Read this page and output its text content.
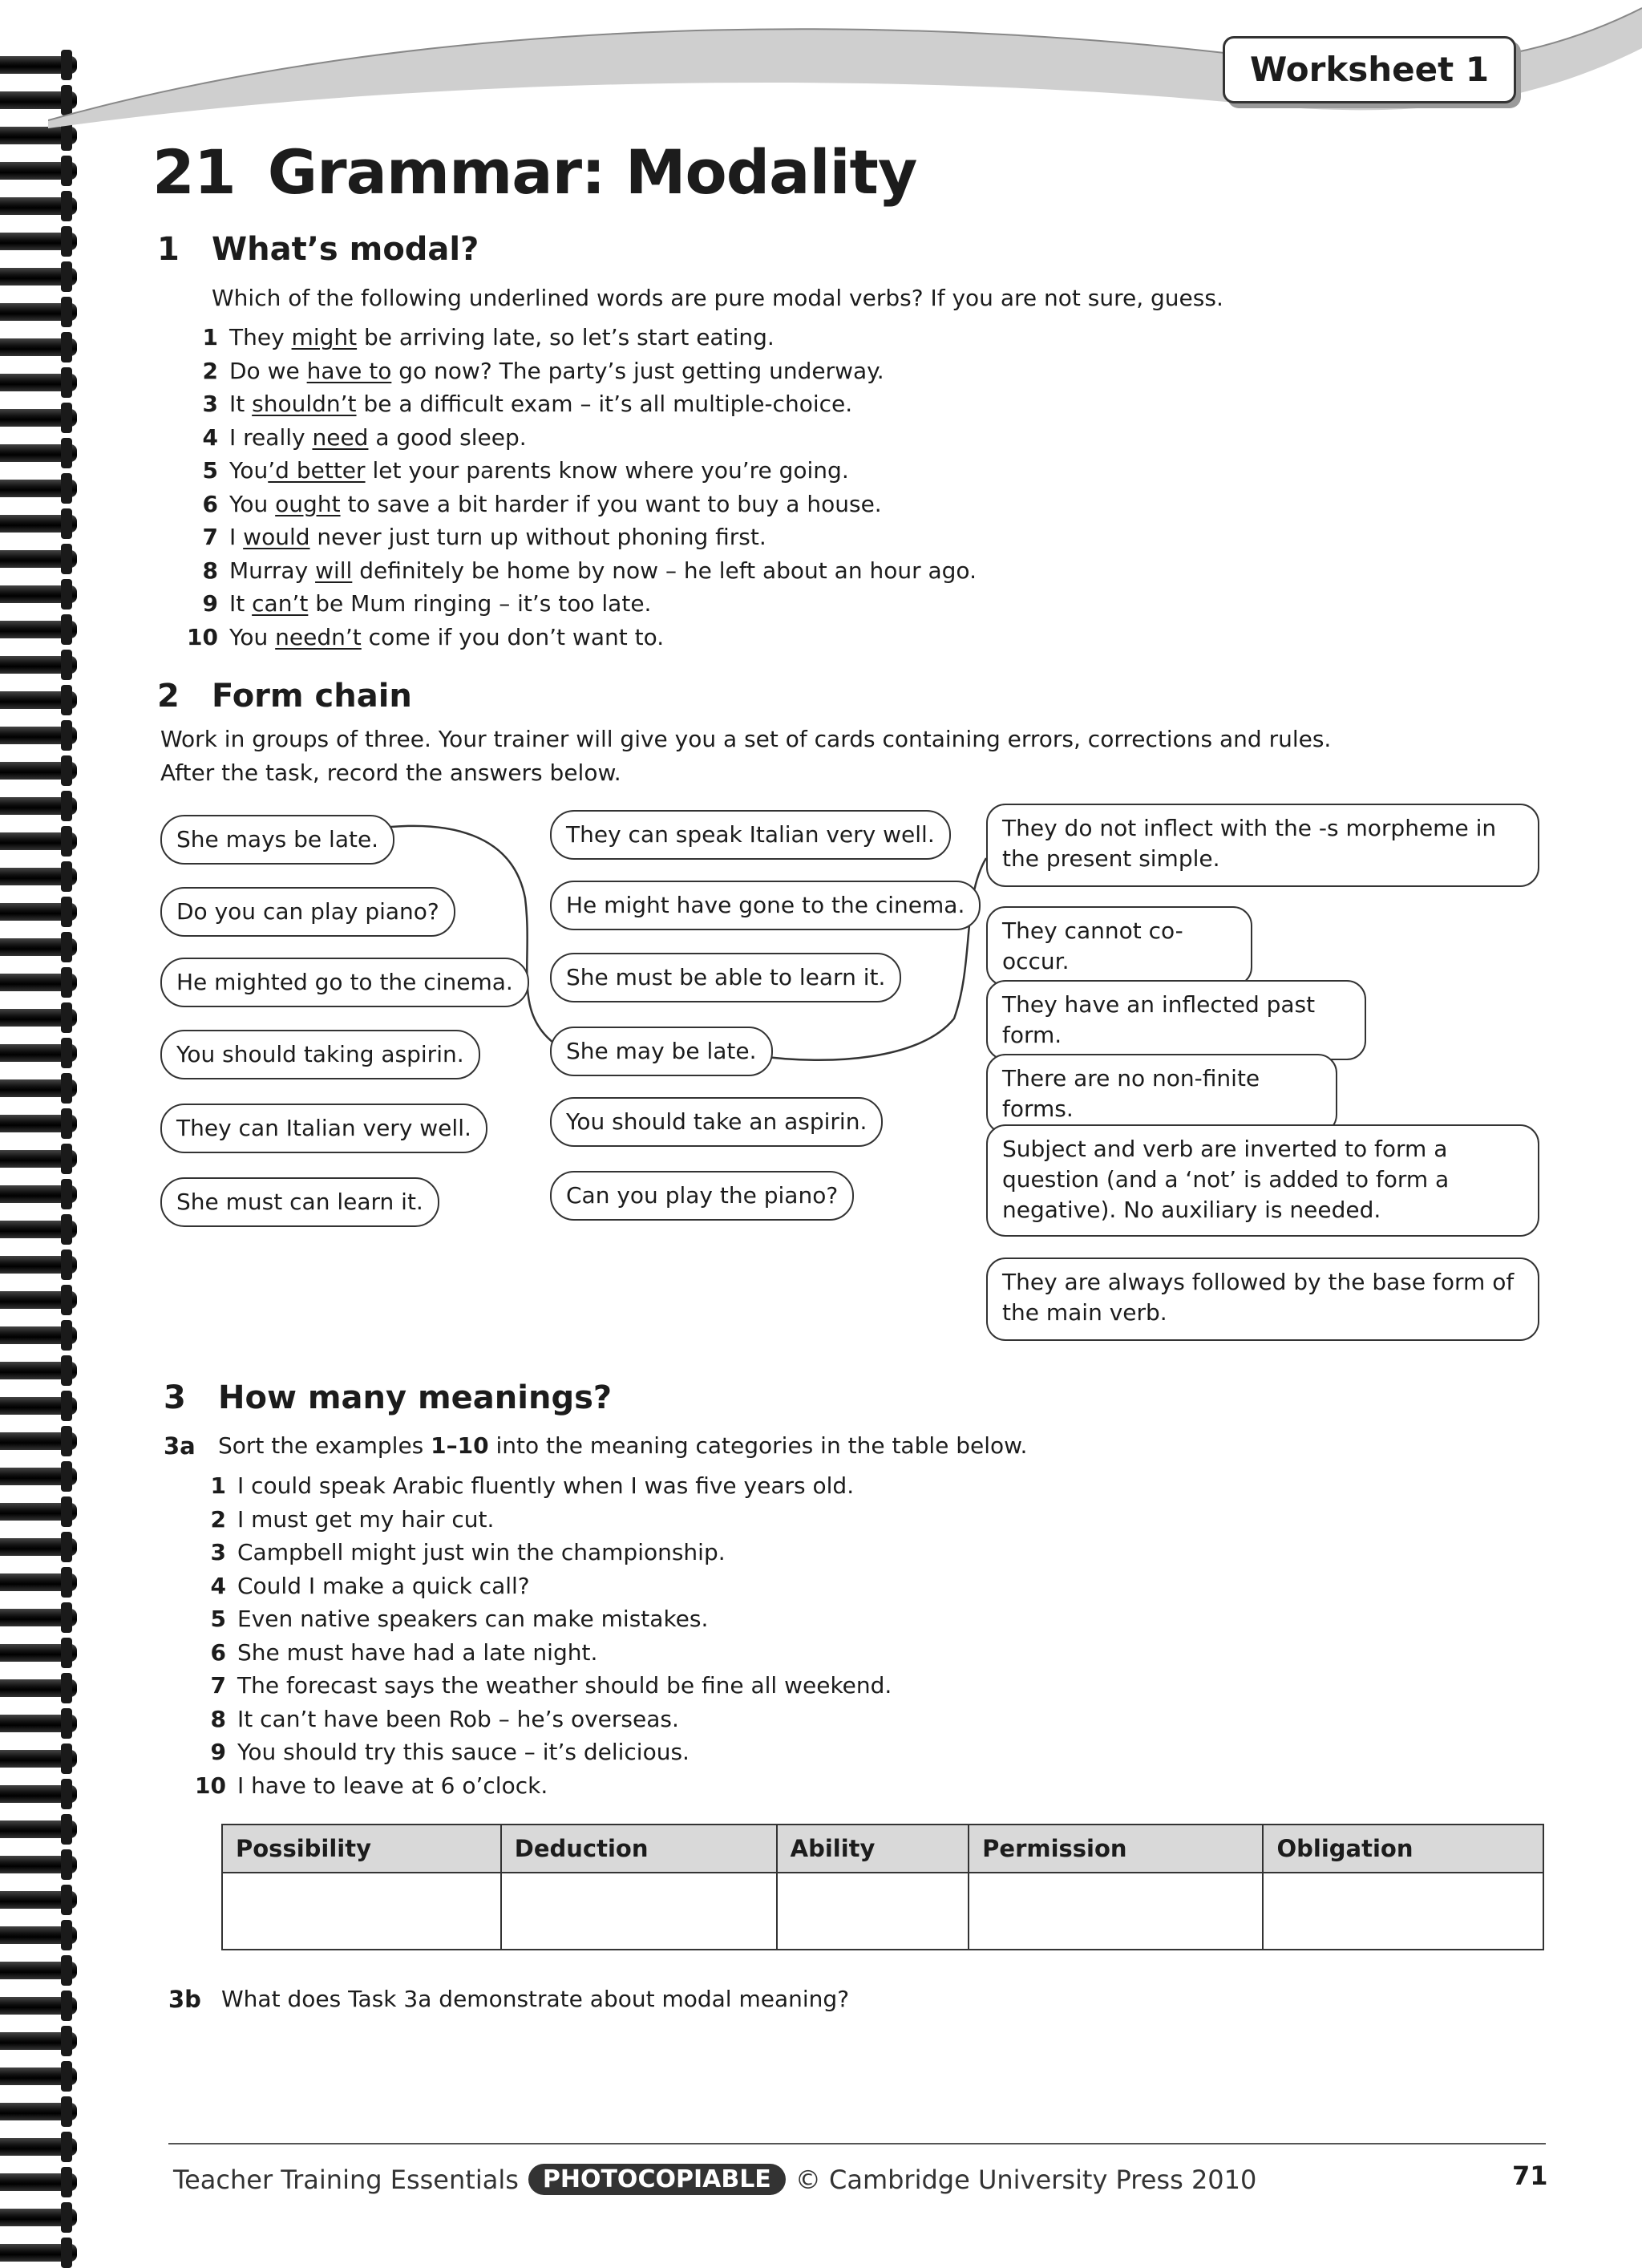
Worksheet 1
21 Grammar: Modality
1 What’s modal?
Which of the following underlined words are pure modal verbs? If you are not sure, guess.
1 They might be arriving late, so let’s start eating.
2 Do we have to go now? The party’s just getting underway.
3 It shouldn’t be a difficult exam – it’s all multiple-choice.
4 I really need a good sleep.
5 You’d better let your parents know where you’re going.
6 You ought to save a bit harder if you want to buy a house.
7 I would never just turn up without phoning first.
8 Murray will definitely be home by now – he left about an hour ago.
9 It can’t be Mum ringing – it’s too late.
10 You needn’t come if you don’t want to.
2 Form chain
Work in groups of three. Your trainer will give you a set of cards containing errors, corrections and rules.
After the task, record the answers below.
She mays be late.
Do you can play piano?
He mighted go to the cinema.
You should taking aspirin.
They can Italian very well.
She must can learn it.
They can speak Italian very well.
He might have gone to the cinema.
She must be able to learn it.
She may be late.
You should take an aspirin.
Can you play the piano?
They do not inflect with the -s morpheme in the present simple.
They cannot co-occur.
They have an inflected past form.
There are no non-finite forms.
Subject and verb are inverted to form a question (and a ‘not’ is added to form a negative). No auxiliary is needed.
They are always followed by the base form of the main verb.
3 How many meanings?
3a Sort the examples 1–10 into the meaning categories in the table below.
1 I could speak Arabic fluently when I was five years old.
2 I must get my hair cut.
3 Campbell might just win the championship.
4 Could I make a quick call?
5 Even native speakers can make mistakes.
6 She must have had a late night.
7 The forecast says the weather should be fine all weekend.
8 It can’t have been Rob – he’s overseas.
9 You should try this sauce – it’s delicious.
10 I have to leave at 6 o’clock.
Possibility	Deduction	Ability	Permission	Obligation

3b What does Task 3a demonstrate about modal meaning?
Teacher Training Essentials	PHOTOCOPIABLE © Cambridge University Press 2010	71
